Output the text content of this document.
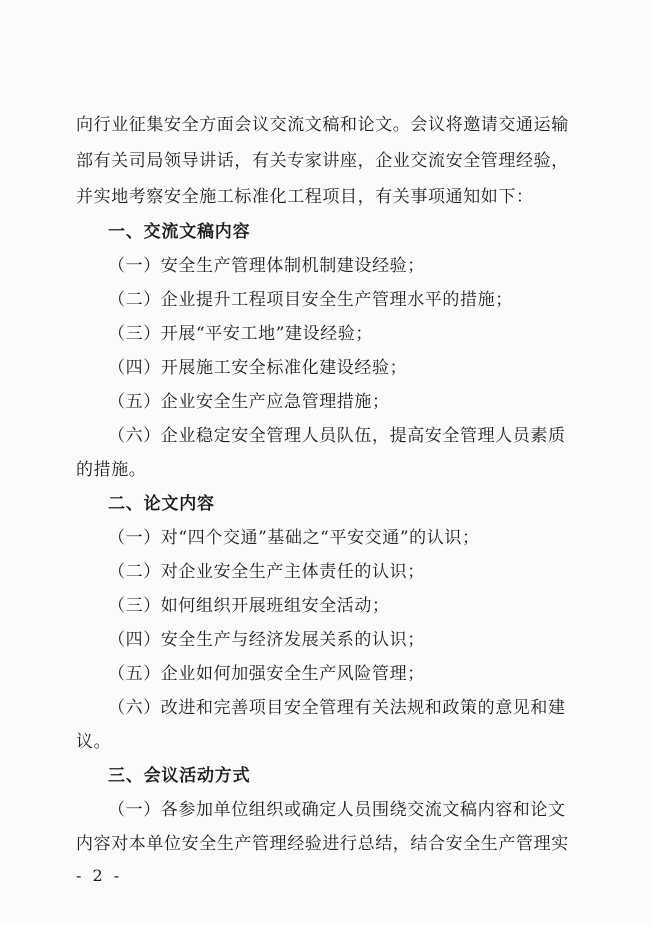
向行业征集安全方面会议交流文稿和论文。会议将邀请交通运输
部有关司局领导讲话，有关专家讲座，企业交流安全管理经验，
并实地考察安全施工标准化工程项目，有关事项通知如下：
一、交流文稿内容
（一）安全生产管理体制机制建设经验；
（二）企业提升工程项目安全生产管理水平的措施；
（三）开展“平安工地”建设经验；
（四）开展施工安全标准化建设经验；
（五）企业安全生产应急管理措施；
（六）企业稳定安全管理人员队伍，提高安全管理人员素质
的措施。
二、论文内容
（一）对“四个交通”基础之“平安交通”的认识；
（二）对企业安全生产主体责任的认识；
（三）如何组织开展班组安全活动；
（四）安全生产与经济发展关系的认识；
（五）企业如何加强安全生产风险管理；
（六）改进和完善项目安全管理有关法规和政策的意见和建
议。
三、会议活动方式
（一）各参加单位组织或确定人员围绕交流文稿内容和论文
内容对本单位安全生产管理经验进行总结，结合安全生产管理实
- 2 -
